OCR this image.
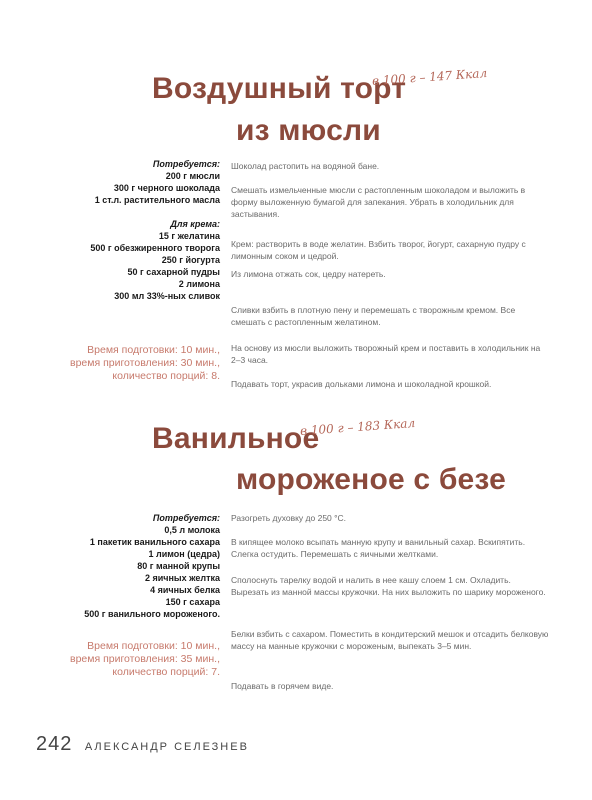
Воздушный торт
из мюсли
в 100 г – 147 Ккал
Потребуется:
200 г мюсли
300 г черного шоколада
1 ст.л. растительного масла
Для крема:
15 г желатина
500 г обезжиренного творога
250 г йогурта
50 г сахарной пудры
2 лимона
300 мл 33%-ных сливок
Время подготовки: 10 мин.,
время приготовления: 30 мин.,
количество порций: 8.
Шоколад растопить на водяной бане.
Смешать измельченные мюсли с растопленным шоколадом и выложить в форму выложенную бумагой для запекания. Убрать в холодильник для застывания.
Крем: растворить в воде желатин. Взбить творог, йогурт, сахарную пудру с лимонным соком и цедрой.
Из лимона отжать сок, цедру натереть.
Сливки взбить в плотную пену и перемешать с творожным кремом. Все смешать с растопленным желатином.
На основу из мюсли выложить творожный крем и поставить в холодильник на 2–3 часа.
Подавать торт, украсив дольками лимона и шоколадной крошкой.
Ванильное
мороженое с безе
в 100 г – 183 Ккал
Потребуется:
0,5 л молока
1 пакетик ванильного сахара
1 лимон (цедра)
80 г манной крупы
2 яичных желтка
4 яичных белка
150 г сахара
500 г ванильного мороженого.
Время подготовки: 10 мин.,
время приготовления: 35 мин.,
количество порций: 7.
Разогреть духовку до 250 °С.
В кипящее молоко всыпать манную крупу и ванильный сахар. Вскипятить. Слегка остудить. Перемешать с яичными желтками.
Сполоснуть тарелку водой и налить в нее кашу слоем 1 см. Охладить. Вырезать из манной массы кружочки. На них выложить по шарику мороженого.
Белки взбить с сахаром. Поместить в кондитерский мешок и отсадить белковую массу на манные кружочки с мороженым, выпекать 3–5 мин.
Подавать в горячем виде.
242 АЛЕКСАНДР СЕЛЕЗНЕВ
